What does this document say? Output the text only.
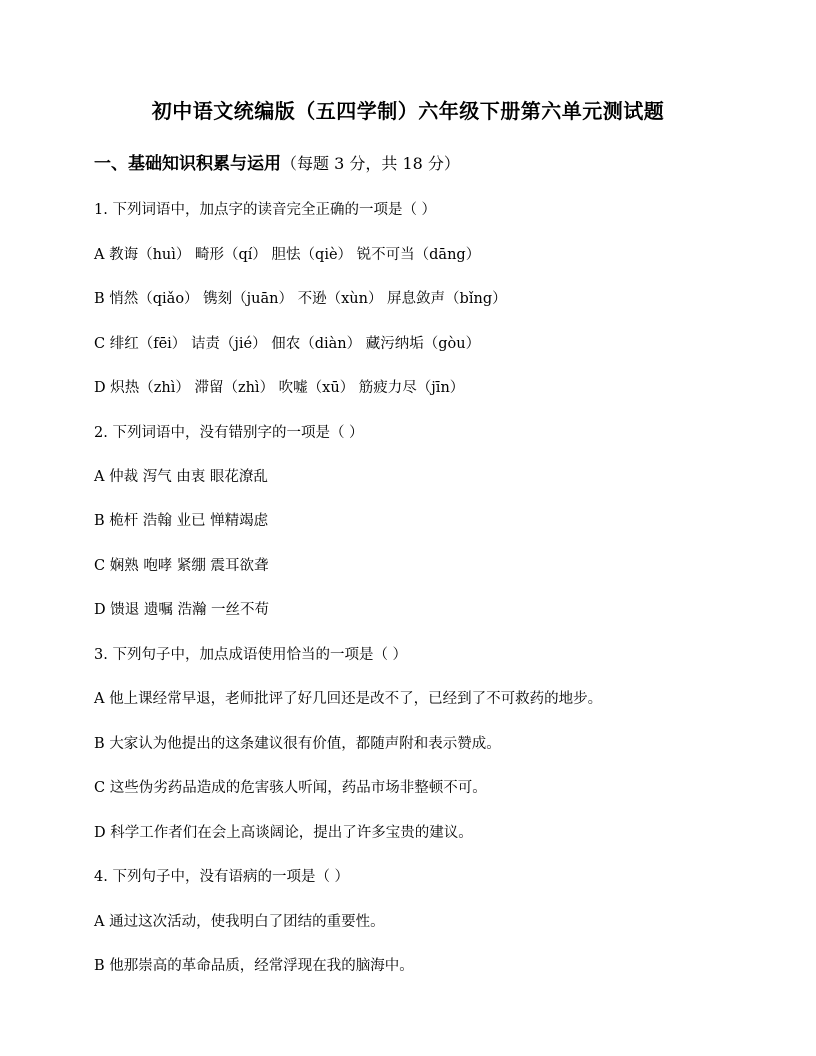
初中语文统编版（五四学制）六年级下册第六单元测试题
一、基础知识积累与运用（每题 3 分，共 18 分）
1. 下列词语中，加点字的读音完全正确的一项是（ ）
A 教诲（huì） 畸形（qí） 胆怯（qiè） 锐不可当（dāng）
B 悄然（qiǎo） 镌刻（juān） 不逊（xùn） 屏息敛声（bǐng）
C 绯红（fēi） 诘责（jié） 佃农（diàn） 藏污纳垢（gòu）
D 炽热（zhì） 滞留（zhì） 吹嘘（xū） 筋疲力尽（jīn）
2. 下列词语中，没有错别字的一项是（ ）
A 仲裁 泻气 由衷 眼花潦乱
B 桅杆 浩翰 业已 惮精竭虑
C 娴熟 咆哮 紧绷 震耳欲聋
D 馈退 遗嘱 浩瀚 一丝不苟
3. 下列句子中，加点成语使用恰当的一项是（ ）
A 他上课经常早退，老师批评了好几回还是改不了，已经到了不可救药的地步。
B 大家认为他提出的这条建议很有价值，都随声附和表示赞成。
C 这些伪劣药品造成的危害骇人听闻，药品市场非整顿不可。
D 科学工作者们在会上高谈阔论，提出了许多宝贵的建议。
4. 下列句子中，没有语病的一项是（ ）
A 通过这次活动，使我明白了团结的重要性。
B 他那崇高的革命品质，经常浮现在我的脑海中。
